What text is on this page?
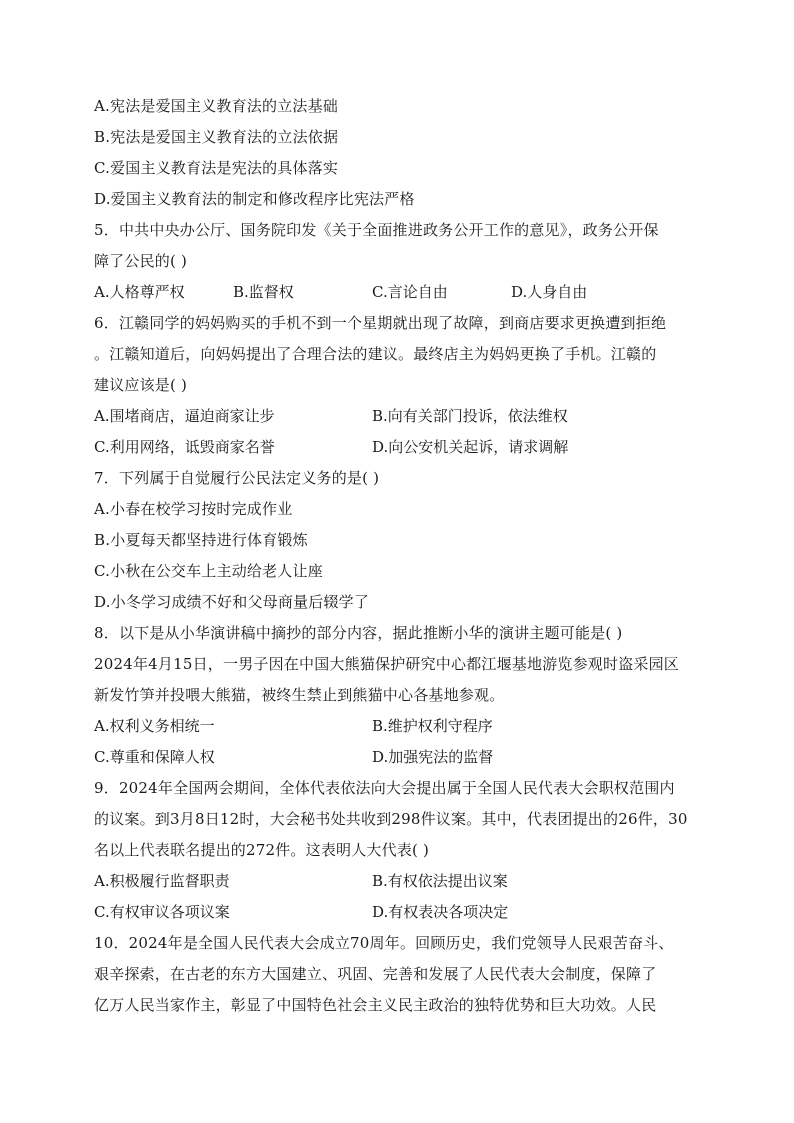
A.宪法是爱国主义教育法的立法基础
B.宪法是爱国主义教育法的立法依据
C.爱国主义教育法是宪法的具体落实
D.爱国主义教育法的制定和修改程序比宪法严格
5．中共中央办公厅、国务院印发《关于全面推进政务公开工作的意见》，政务公开保
障了公民的( )
A.人格尊严权	B.监督权	C.言论自由	D.人身自由
6．江赣同学的妈妈购买的手机不到一个星期就出现了故障，到商店要求更换遭到拒绝
。江赣知道后，向妈妈提出了合理合法的建议。最终店主为妈妈更换了手机。江赣的
建议应该是( )
A.围堵商店，逼迫商家让步	B.向有关部门投诉，依法维权
C.利用网络，诋毁商家名誉	D.向公安机关起诉，请求调解
7．下列属于自觉履行公民法定义务的是( )
A.小春在校学习按时完成作业
B.小夏每天都坚持进行体育锻炼
C.小秋在公交车上主动给老人让座
D.小冬学习成绩不好和父母商量后辍学了
8．以下是从小华演讲稿中摘抄的部分内容，据此推断小华的演讲主题可能是( )
2024年4月15日，一男子因在中国大熊猫保护研究中心都江堰基地游览参观时盗采园区
新发竹笋并投喂大熊猫，被终生禁止到熊猫中心各基地参观。
A.权利义务相统一	B.维护权利守程序
C.尊重和保障人权	D.加强宪法的监督
9．2024年全国两会期间，全体代表依法向大会提出属于全国人民代表大会职权范围内
的议案。到3月8日12时，大会秘书处共收到298件议案。其中，代表团提出的26件，30
名以上代表联名提出的272件。这表明人大代表( )
A.积极履行监督职责	B.有权依法提出议案
C.有权审议各项议案	D.有权表决各项决定
10．2024年是全国人民代表大会成立70周年。回顾历史，我们党领导人民艰苦奋斗、
艰辛探索，在古老的东方大国建立、巩固、完善和发展了人民代表大会制度，保障了
亿万人民当家作主，彰显了中国特色社会主义民主政治的独特优势和巨大功效。人民
